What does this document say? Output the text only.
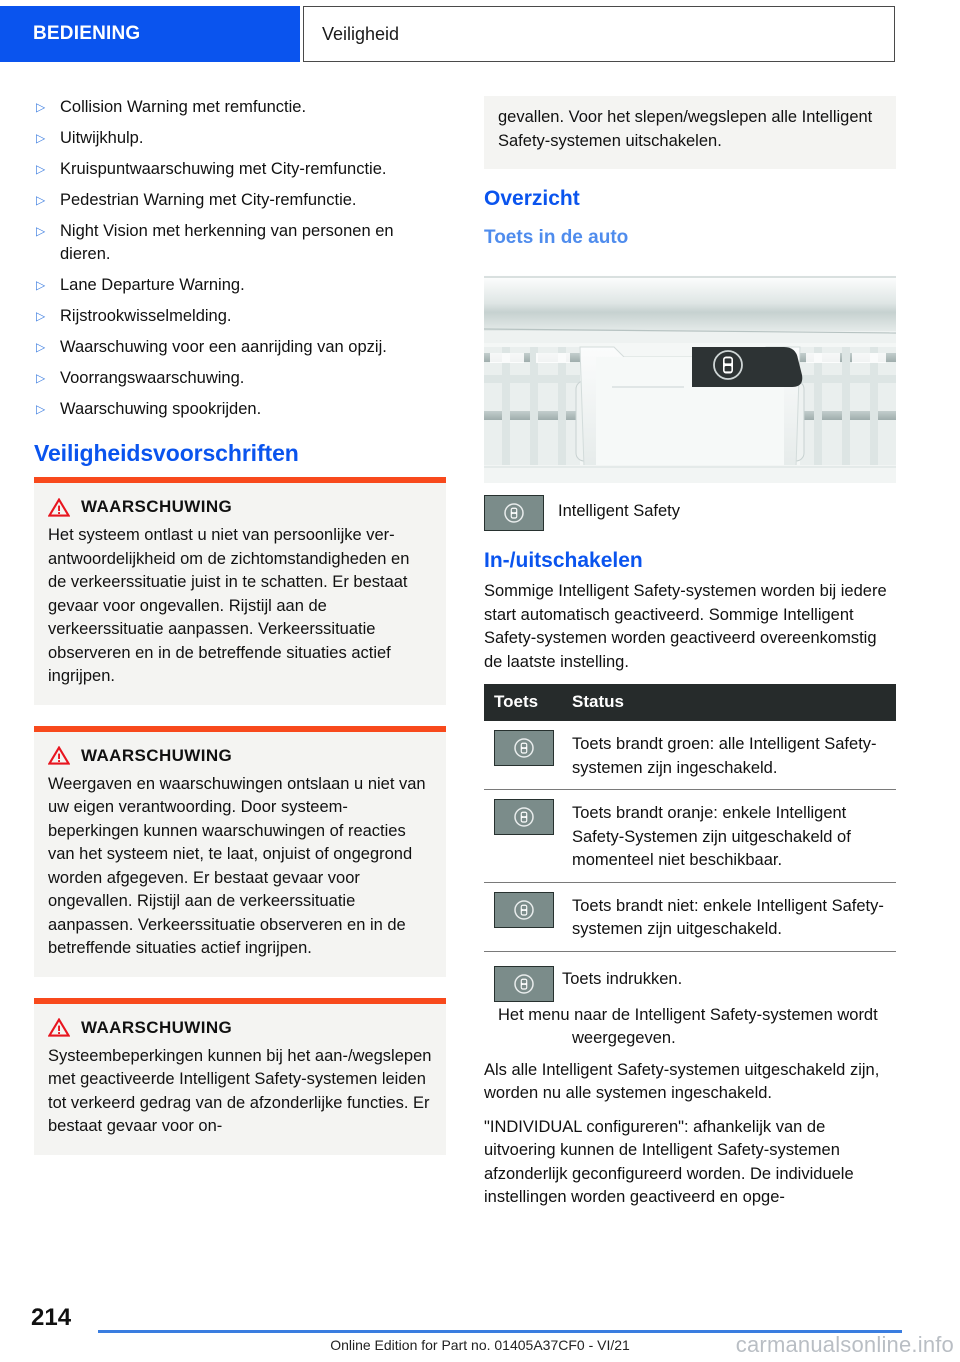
BEDIENING	Veiligheid
▷ Collision Warning met remfunctie.
▷ Uitwijkhulp.
▷ Kruispuntwaarschuwing met City-remfunctie.
▷ Pedestrian Warning met City-remfunctie.
▷ Night Vision met herkenning van personen en dieren.
▷ Lane Departure Warning.
▷ Rijstrookwisselmelding.
▷ Waarschuwing voor een aanrijding van opzij.
▷ Voorrangswaarschuwing.
▷ Waarschuwing spookrijden.
Veiligheidsvoorschriften
WAARSCHUWING
Het systeem ontlast u niet van persoonlijke verantwoordelijkheid om de zichtomstandigheden en de verkeerssituatie juist in te schatten. Er bestaat gevaar voor ongevallen. Rijstijl aan de verkeerssituatie aanpassen. Verkeerssituatie observeren en in de betreffende situaties actief ingrijpen.
WAARSCHUWING
Weergaven en waarschuwingen ontslaan u niet van uw eigen verantwoording. Door systeembeperkingen kunnen waarschuwingen of reacties van het systeem niet, te laat, onjuist of ongegrond worden afgegeven. Er bestaat gevaar voor ongevallen. Rijstijl aan de verkeerssituatie aanpassen. Verkeerssituatie observeren en in de betreffende situaties actief ingrijpen.
WAARSCHUWING
Systeembeperkingen kunnen bij het aan-/wegslepen met geactiveerde Intelligent Safety-systemen leiden tot verkeerd gedrag van de afzonderlijke functies. Er bestaat gevaar voor on-
gevallen. Voor het slepen/wegslepen alle Intelligent Safety-systemen uitschakelen.
Overzicht
Toets in de auto
Intelligent Safety
In-/uitschakelen

Sommige Intelligent Safety-systemen worden bij iedere start automatisch geactiveerd. Sommige Intelligent Safety-systemen worden geactiveerd overeenkomstig de laatste instelling.

Toets	Status
Toets brandt groen: alle Intelligent Safety-systemen zijn ingeschakeld.
Toets brandt oranje: enkele Intelligent Safety-Systemen zijn uitgeschakeld of momenteel niet beschikbaar.
Toets brandt niet: enkele Intelligent Safety-systemen zijn uitgeschakeld.
Toets indrukken.
Het menu naar de Intelligent Safety-systemen wordt weergegeven.

Als alle Intelligent Safety-systemen uitgeschakeld zijn, worden nu alle systemen ingeschakeld.

"INDIVIDUAL configureren": afhankelijk van de uitvoering kunnen de Intelligent Safety-systemen afzonderlijk geconfigureerd worden. De individuele instellingen worden geactiveerd en opge-

214
Online Edition for Part no. 01405A37CF0 - VI/21	carmanualsonline.info
